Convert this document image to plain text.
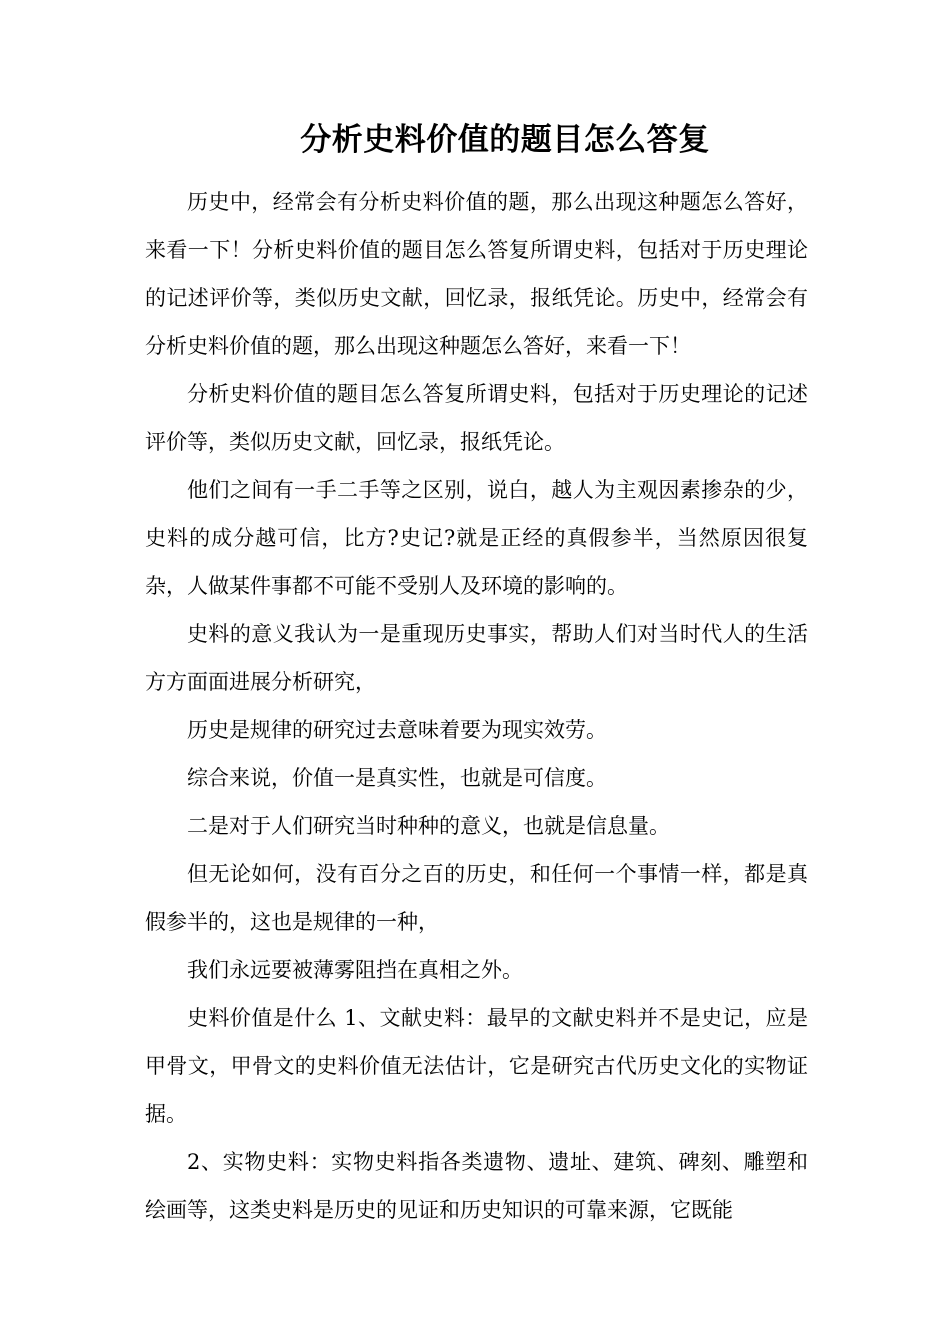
分析史料价值的题目怎么答复

历史中，经常会有分析史料价值的题，那么出现这种题怎么答好，来看一下！分析史料价值的题目怎么答复所谓史料，包括对于历史理论的记述评价等，类似历史文献，回忆录，报纸凭论。历史中，经常会有分析史料价值的题，那么出现这种题怎么答好，来看一下！

分析史料价值的题目怎么答复所谓史料，包括对于历史理论的记述评价等，类似历史文献，回忆录，报纸凭论。

他们之间有一手二手等之区别，说白，越人为主观因素掺杂的少，史料的成分越可信，比方?史记?就是正经的真假参半，当然原因很复杂，人做某件事都不可能不受别人及环境的影响的。

史料的意义我认为一是重现历史事实，帮助人们对当时代人的生活方方面面进展分析研究，

历史是规律的研究过去意味着要为现实效劳。

综合来说，价值一是真实性，也就是可信度。

二是对于人们研究当时种种的意义，也就是信息量。

但无论如何，没有百分之百的历史，和任何一个事情一样，都是真假参半的，这也是规律的一种，

我们永远要被薄雾阻挡在真相之外。

史料价值是什么 1、文献史料：最早的文献史料并不是史记，应是甲骨文，甲骨文的史料价值无法估计，它是研究古代历史文化的实物证据。

2、实物史料：实物史料指各类遗物、遗址、建筑、碑刻、雕塑和绘画等，这类史料是历史的见证和历史知识的可靠来源，它既能
